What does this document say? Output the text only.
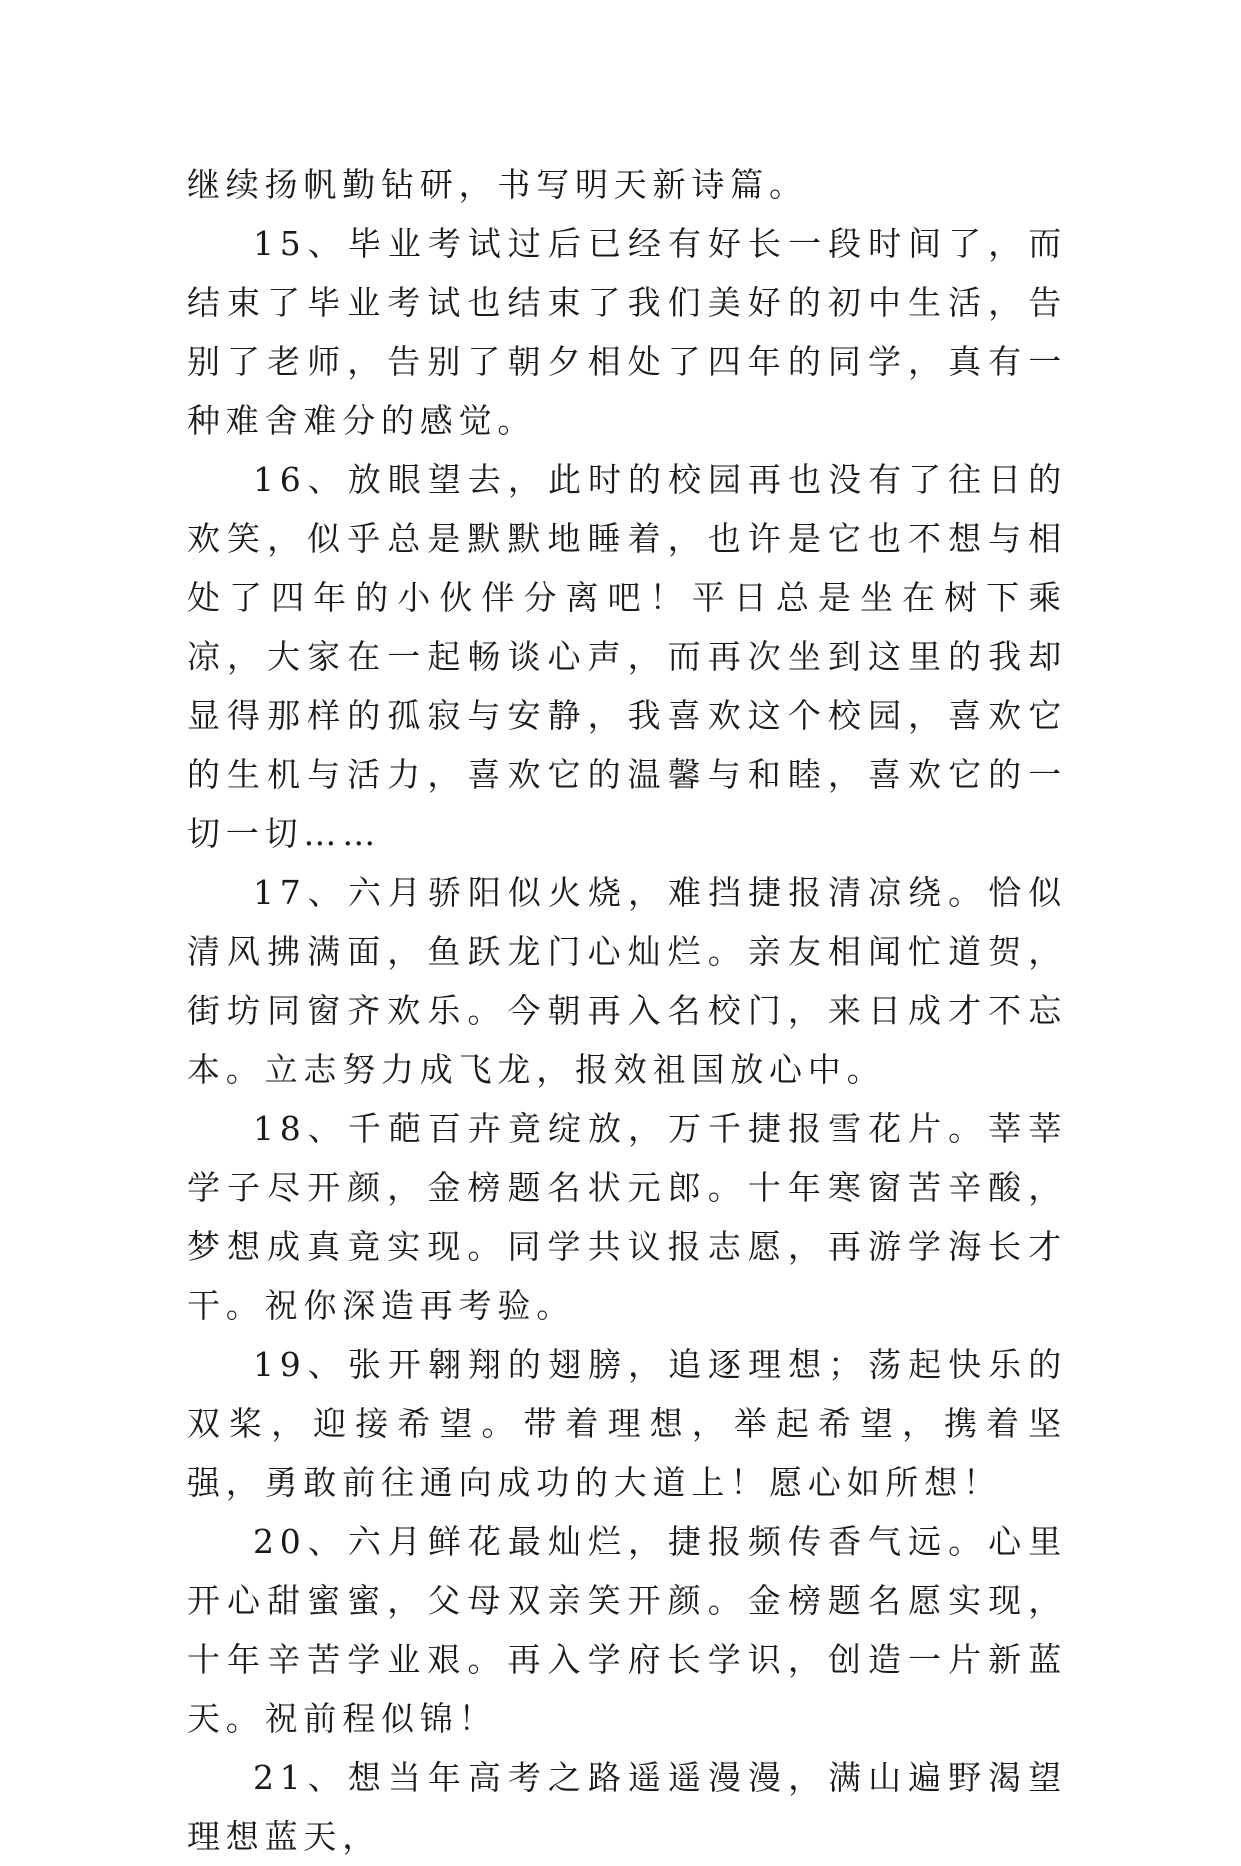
继续扬帆勤钻研，书写明天新诗篇。

15、毕业考试过后已经有好长一段时间了，而结束了毕业考试也结束了我们美好的初中生活，告别了老师，告别了朝夕相处了四年的同学，真有一种难舍难分的感觉。

16、放眼望去，此时的校园再也没有了往日的欢笑，似乎总是默默地睡着，也许是它也不想与相处了四年的小伙伴分离吧！平日总是坐在树下乘凉，大家在一起畅谈心声，而再次坐到这里的我却显得那样的孤寂与安静，我喜欢这个校园，喜欢它的生机与活力，喜欢它的温馨与和睦，喜欢它的一切一切……

17、六月骄阳似火烧，难挡捷报清凉绕。恰似清风拂满面，鱼跃龙门心灿烂。亲友相闻忙道贺，街坊同窗齐欢乐。今朝再入名校门，来日成才不忘本。立志努力成飞龙，报效祖国放心中。

18、千葩百卉竟绽放，万千捷报雪花片。莘莘学子尽开颜，金榜题名状元郎。十年寒窗苦辛酸，梦想成真竟实现。同学共议报志愿，再游学海长才干。祝你深造再考验。

19、张开翱翔的翅膀，追逐理想；荡起快乐的双桨，迎接希望。带着理想，举起希望，携着坚强，勇敢前往通向成功的大道上！愿心如所想！

20、六月鲜花最灿烂，捷报频传香气远。心里开心甜蜜蜜，父母双亲笑开颜。金榜题名愿实现，十年辛苦学业艰。再入学府长学识，创造一片新蓝天。祝前程似锦！

21、想当年高考之路遥遥漫漫，满山遍野渴望理想蓝天，
